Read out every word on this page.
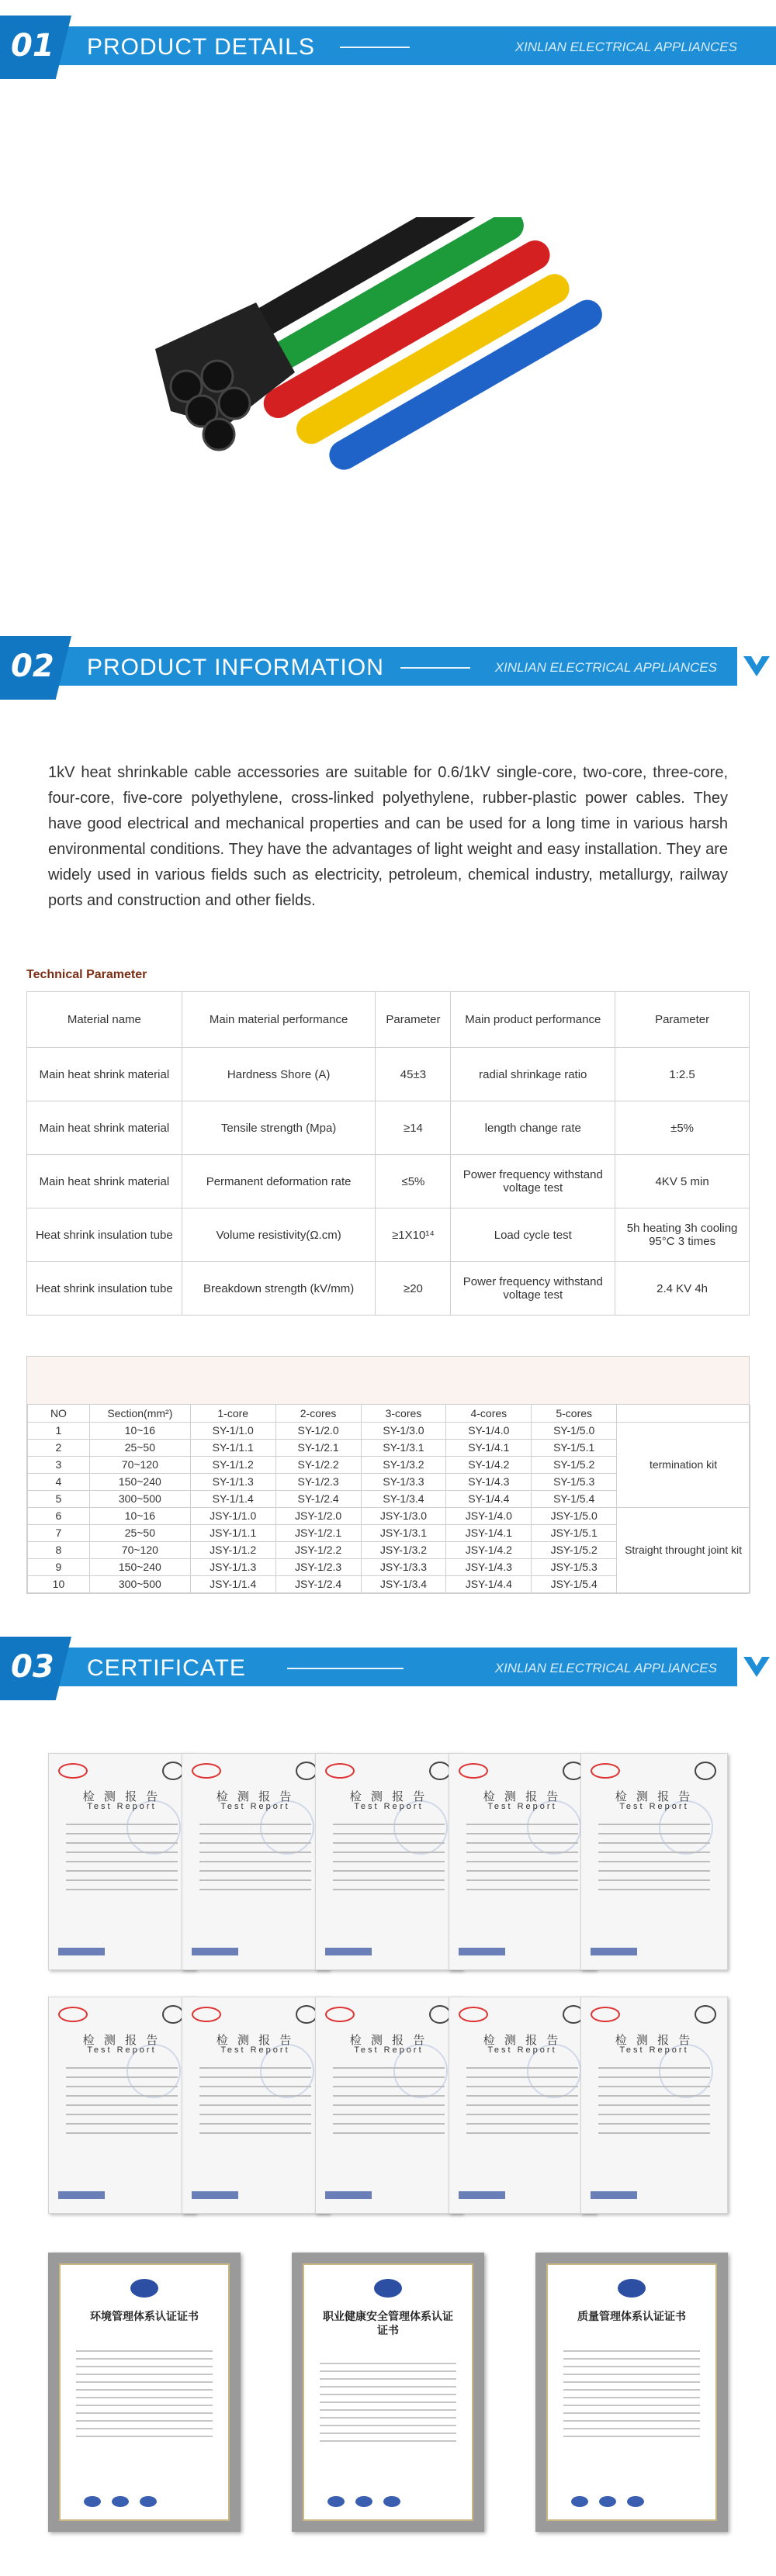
01 PRODUCT DETAILS	XINLIAN ELECTRICAL APPLIANCES
02 PRODUCT INFORMATION	XINLIAN ELECTRICAL APPLIANCES

1kV heat shrinkable cable accessories are suitable for 0.6/1kV single-core, two-core, three-core, four-core, five-core polyethylene, cross-linked polyethylene, rubber-plastic power cables. They have good electrical and mechanical properties and can be used for a long time in various harsh environmental conditions. They have the advantages of light weight and easy installation. They are widely used in various fields such as electricity, petroleum, chemical industry, metallurgy, railway ports and construction and other fields.

Technical Parameter
Material name	Main material performance	Parameter	Main product performance	Parameter
Main heat shrink material	Hardness Shore (A)	45±3	radial shrinkage ratio	1:2.5
Main heat shrink material	Tensile strength (Mpa)	≥14	length change rate	±5%
Main heat shrink material	Permanent deformation rate	≤5%	Power frequency withstand voltage test	4KV 5 min
Heat shrink insulation tube	Volume resistivity(Ω.cm)	≥1X10¹⁴	Load cycle test	5h heating 3h cooling 95°C 3 times
Heat shrink insulation tube	Breakdown strength (kV/mm)	≥20	Power frequency withstand voltage test	2.4 KV 4h
NO	Section(mm²)	1-core	2-cores	3-cores	4-cores	5-cores	
1	10~16	SY-1/1.0	SY-1/2.0	SY-1/3.0	SY-1/4.0	SY-1/5.0	termination kit
2	25~50	SY-1/1.1	SY-1/2.1	SY-1/3.1	SY-1/4.1	SY-1/5.1	
3	70~120	SY-1/1.2	SY-1/2.2	SY-1/3.2	SY-1/4.2	SY-1/5.2	
4	150~240	SY-1/1.3	SY-1/2.3	SY-1/3.3	SY-1/4.3	SY-1/5.3	
5	300~500	SY-1/1.4	SY-1/2.4	SY-1/3.4	SY-1/4.4	SY-1/5.4	
6	10~16	JSY-1/1.0	JSY-1/2.0	JSY-1/3.0	JSY-1/4.0	JSY-1/5.0	Straight throught joint kit
7	25~50	JSY-1/1.1	JSY-1/2.1	JSY-1/3.1	JSY-1/4.1	JSY-1/5.1	
8	70~120	JSY-1/1.2	JSY-1/2.2	JSY-1/3.2	JSY-1/4.2	JSY-1/5.2	
9	150~240	JSY-1/1.3	JSY-1/2.3	JSY-1/3.3	JSY-1/4.3	JSY-1/5.3	
10	300~500	JSY-1/1.4	JSY-1/2.4	JSY-1/3.4	JSY-1/4.4	JSY-1/5.4	
03 CERTIFICATE	XINLIAN ELECTRICAL APPLIANCES
检 测 报 告
Test Report
检 测 报 告
Test Report
检 测 报 告
Test Report
检 测 报 告
Test Report
检 测 报 告
Test Report
检 测 报 告
Test Report
检 测 报 告
Test Report
检 测 报 告
Test Report
检 测 报 告
Test Report
检 测 报 告
Test Report
环境管理体系认证证书	职业健康安全管理体系认证证书
质量管理体系认证证书
